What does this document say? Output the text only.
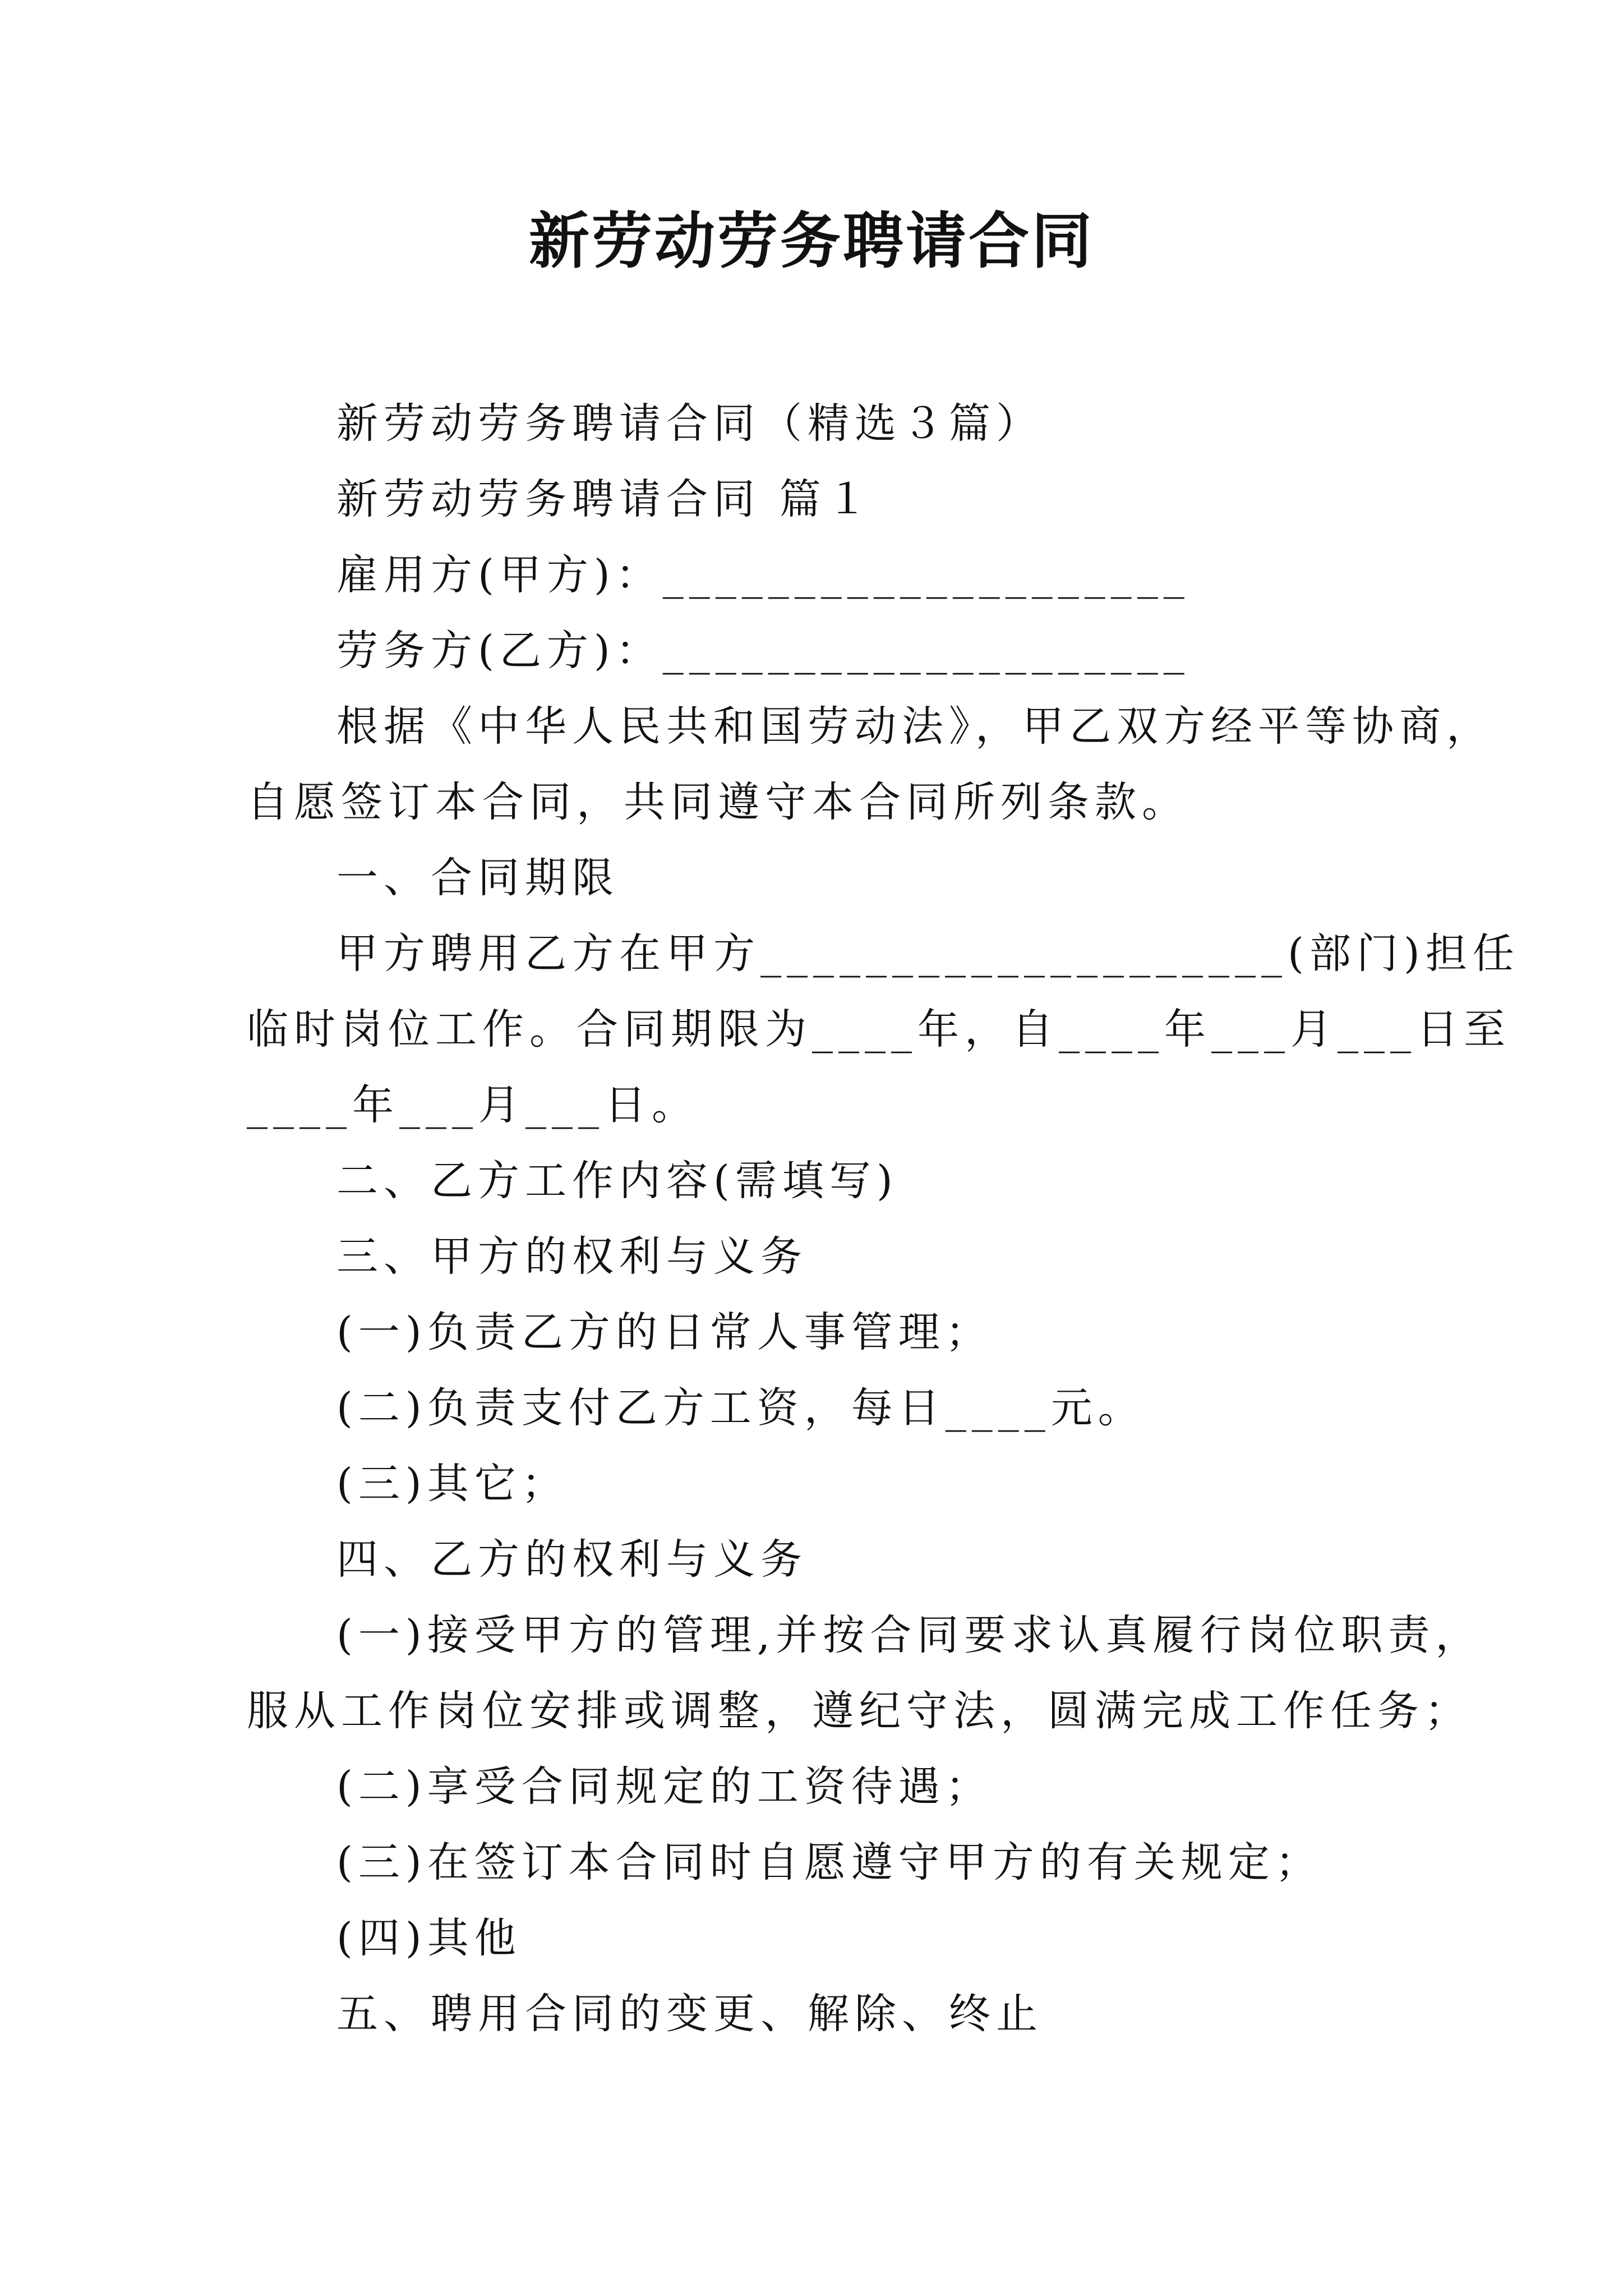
新劳动劳务聘请合同

新劳动劳务聘请合同（精选３篇）

新劳动劳务聘请合同 篇１

雇用方(甲方)：____________________

劳务方(乙方)：____________________

根据《中华人民共和国劳动法》，甲乙双方经平等协商，

自愿签订本合同，共同遵守本合同所列条款。

一、合同期限

甲方聘用乙方在甲方____________________(部门)担任

临时岗位工作。合同期限为____年，自____年___月___日至

____年___月___日。

二、乙方工作内容(需填写)

三、甲方的权利与义务

(一)负责乙方的日常人事管理；

(二)负责支付乙方工资，每日____元。

(三)其它；

四、乙方的权利与义务

(一)接受甲方的管理,并按合同要求认真履行岗位职责，

服从工作岗位安排或调整，遵纪守法，圆满完成工作任务；

(二)享受合同规定的工资待遇；

(三)在签订本合同时自愿遵守甲方的有关规定；

(四)其他

五、聘用合同的变更、解除、终止
